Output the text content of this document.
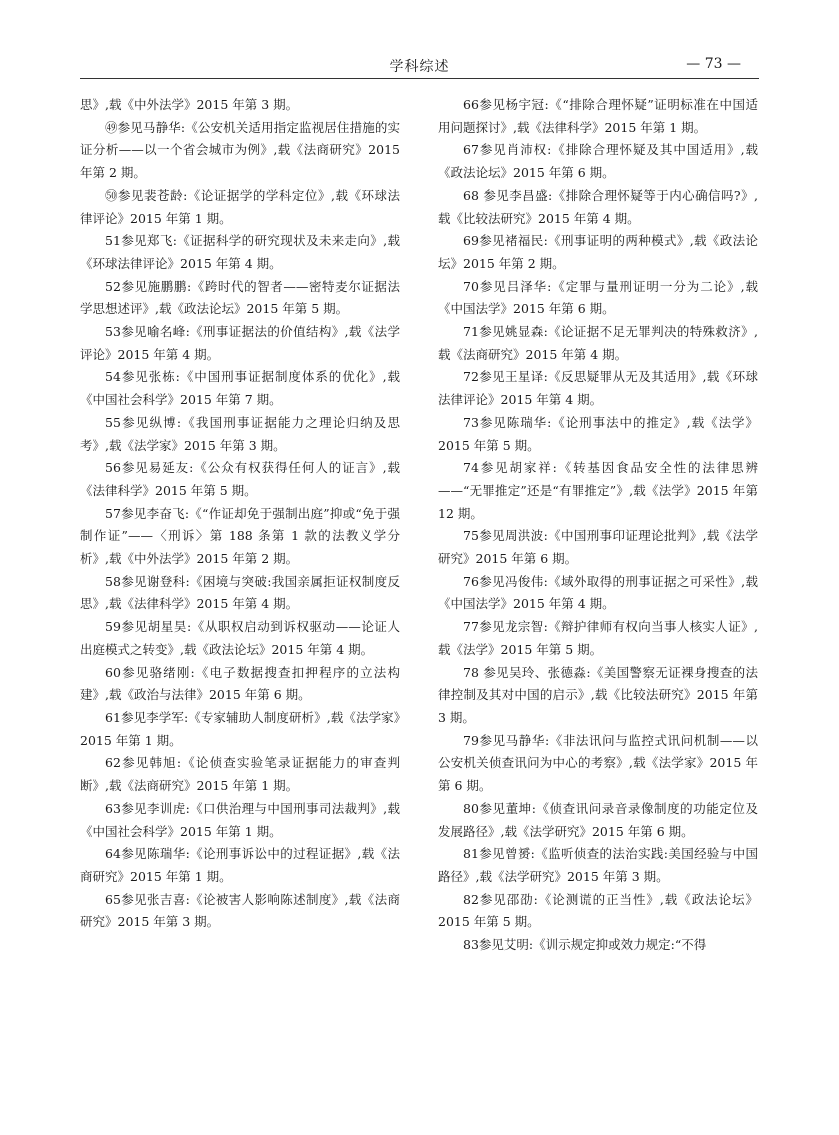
学科综述	— 73 —

思》,载《中外法学》2015 年第 3 期。

㊾参见马静华:《公安机关适用指定监视居住措施的实证分析——以一个省会城市为例》,载《法商研究》2015 年第 2 期。

㊿参见裴苍龄:《论证据学的学科定位》,载《环球法律评论》2015 年第 1 期。

51参见郑飞:《证据科学的研究现状及未来走向》,载《环球法律评论》2015 年第 4 期。

52参见施鹏鹏:《跨时代的智者——密特麦尔证据法学思想述评》,载《政法论坛》2015 年第 5 期。

53参见喻名峰:《刑事证据法的价值结构》,载《法学评论》2015 年第 4 期。

54参见张栋:《中国刑事证据制度体系的优化》,载《中国社会科学》2015 年第 7 期。

55参见纵博:《我国刑事证据能力之理论归纳及思考》,载《法学家》2015 年第 3 期。

56参见易延友:《公众有权获得任何人的证言》,载《法律科学》2015 年第 5 期。

57参见李奋飞:《“作证却免于强制出庭”抑或“免于强制作证”——〈刑诉〉第 188 条第 1 款的法教义学分析》,载《中外法学》2015 年第 2 期。

58参见谢登科:《困境与突破:我国亲属拒证权制度反思》,载《法律科学》2015 年第 4 期。

59参见胡星昊:《从职权启动到诉权驱动——论证人出庭模式之转变》,载《政法论坛》2015 年第 4 期。

60参见骆绪刚:《电子数据搜查扣押程序的立法构建》,载《政治与法律》2015 年第 6 期。

61参见李学军:《专家辅助人制度研析》,载《法学家》2015 年第 1 期。

62参见韩旭:《论侦查实验笔录证据能力的审查判断》,载《法商研究》2015 年第 1 期。

63参见李训虎:《口供治理与中国刑事司法裁判》,载《中国社会科学》2015 年第 1 期。

64参见陈瑞华:《论刑事诉讼中的过程证据》,载《法商研究》2015 年第 1 期。

65参见张吉喜:《论被害人影响陈述制度》,载《法商研究》2015 年第 3 期。

66参见杨宇冠:《“排除合理怀疑”证明标准在中国适用问题探讨》,载《法律科学》2015 年第 1 期。

67参见肖沛权:《排除合理怀疑及其中国适用》,载《政法论坛》2015 年第 6 期。

68 参见李昌盛:《排除合理怀疑等于内心确信吗?》,载《比较法研究》2015 年第 4 期。

69参见褚福民:《刑事证明的两种模式》,载《政法论坛》2015 年第 2 期。

70参见吕泽华:《定罪与量刑证明一分为二论》,载《中国法学》2015 年第 6 期。

71参见姚显森:《论证据不足无罪判决的特殊救济》,载《法商研究》2015 年第 4 期。

72参见王星译:《反思疑罪从无及其适用》,载《环球法律评论》2015 年第 4 期。

73参见陈瑞华:《论刑事法中的推定》,载《法学》2015 年第 5 期。

74参见胡家祥:《转基因食品安全性的法律思辨——“无罪推定”还是“有罪推定”》,载《法学》2015 年第 12 期。

75参见周洪波:《中国刑事印证理论批判》,载《法学研究》2015 年第 6 期。

76参见冯俊伟:《域外取得的刑事证据之可采性》,载《中国法学》2015 年第 4 期。

77参见龙宗智:《辩护律师有权向当事人核实人证》,载《法学》2015 年第 5 期。

78 参见吴玲、张德淼:《美国警察无证裸身搜查的法律控制及其对中国的启示》,载《比较法研究》2015 年第 3 期。

79参见马静华:《非法讯问与监控式讯问机制——以公安机关侦查讯问为中心的考察》,载《法学家》2015 年第 6 期。

80参见董坤:《侦查讯问录音录像制度的功能定位及发展路径》,载《法学研究》2015 年第 6 期。

81参见曾赟:《监听侦查的法治实践:美国经验与中国路径》,载《法学研究》2015 年第 3 期。

82参见邵劭:《论测谎的正当性》,载《政法论坛》2015 年第 5 期。

83参见艾明:《训示规定抑或效力规定:“不得
